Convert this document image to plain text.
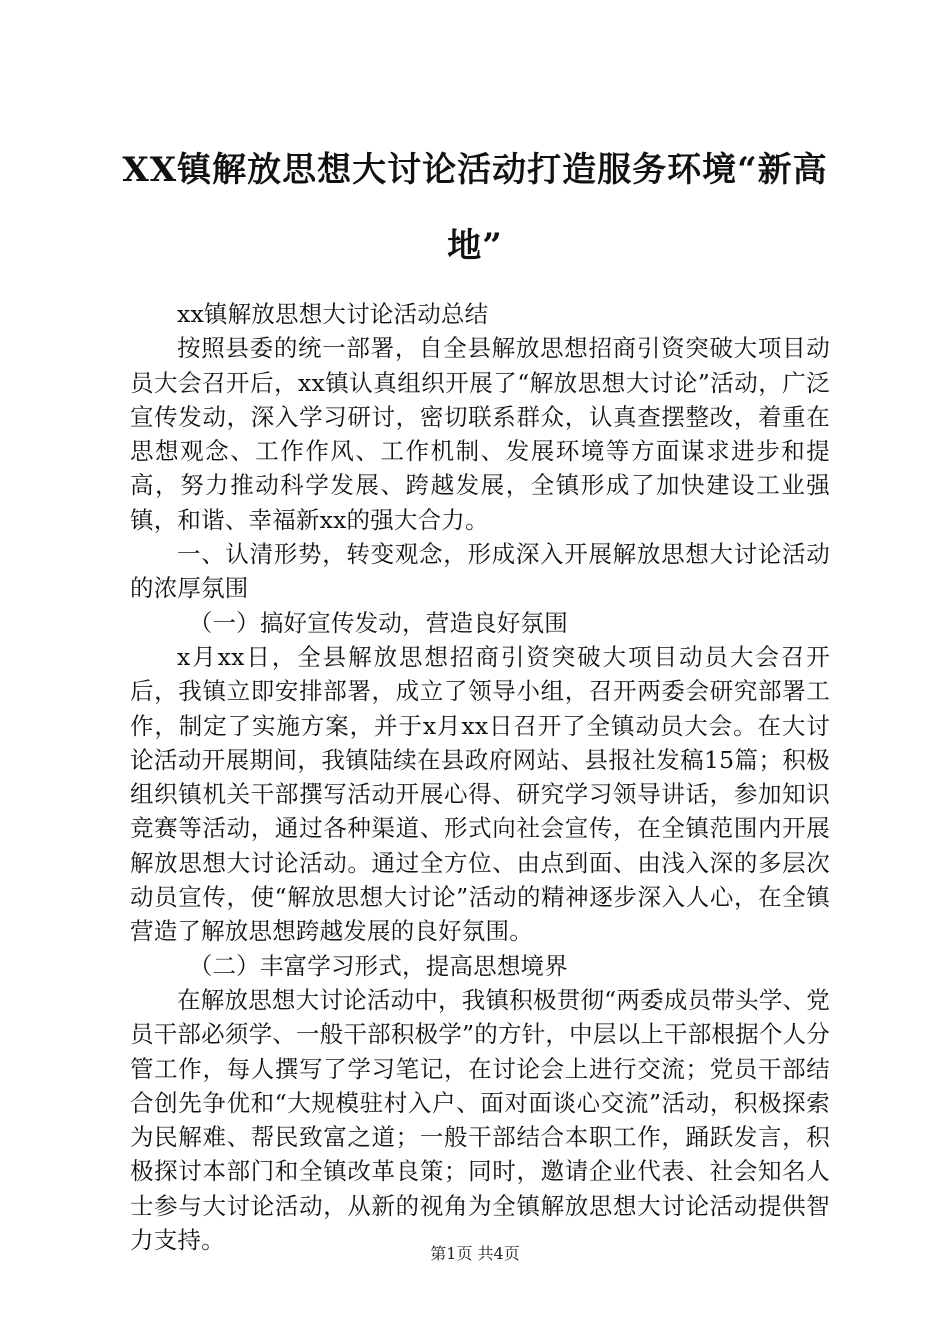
XX镇解放思想大讨论活动打造服务环境“新高地”

xx镇解放思想大讨论活动总结

按照县委的统一部署，自全县解放思想招商引资突破大项目动员大会召开后，xx镇认真组织开展了“解放思想大讨论”活动，广泛宣传发动，深入学习研讨，密切联系群众，认真查摆整改，着重在思想观念、工作作风、工作机制、发展环境等方面谋求进步和提高，努力推动科学发展、跨越发展，全镇形成了加快建设工业强镇，和谐、幸福新xx的强大合力。

一、认清形势，转变观念，形成深入开展解放思想大讨论活动的浓厚氛围

（一）搞好宣传发动，营造良好氛围

x月xx日，全县解放思想招商引资突破大项目动员大会召开后，我镇立即安排部署，成立了领导小组，召开两委会研究部署工作，制定了实施方案，并于x月xx日召开了全镇动员大会。在大讨论活动开展期间，我镇陆续在县政府网站、县报社发稿15篇；积极组织镇机关干部撰写活动开展心得、研究学习领导讲话，参加知识竞赛等活动，通过各种渠道、形式向社会宣传，在全镇范围内开展解放思想大讨论活动。通过全方位、由点到面、由浅入深的多层次动员宣传，使“解放思想大讨论”活动的精神逐步深入人心，在全镇营造了解放思想跨越发展的良好氛围。

（二）丰富学习形式，提高思想境界

在解放思想大讨论活动中，我镇积极贯彻“两委成员带头学、党员干部必须学、一般干部积极学”的方针，中层以上干部根据个人分管工作，每人撰写了学习笔记，在讨论会上进行交流；党员干部结合创先争优和“大规模驻村入户、面对面谈心交流”活动，积极探索为民解难、帮民致富之道；一般干部结合本职工作，踊跃发言，积极探讨本部门和全镇改革良策；同时，邀请企业代表、社会知名人士参与大讨论活动，从新的视角为全镇解放思想大讨论活动提供智力支持。	第1页 共4页
